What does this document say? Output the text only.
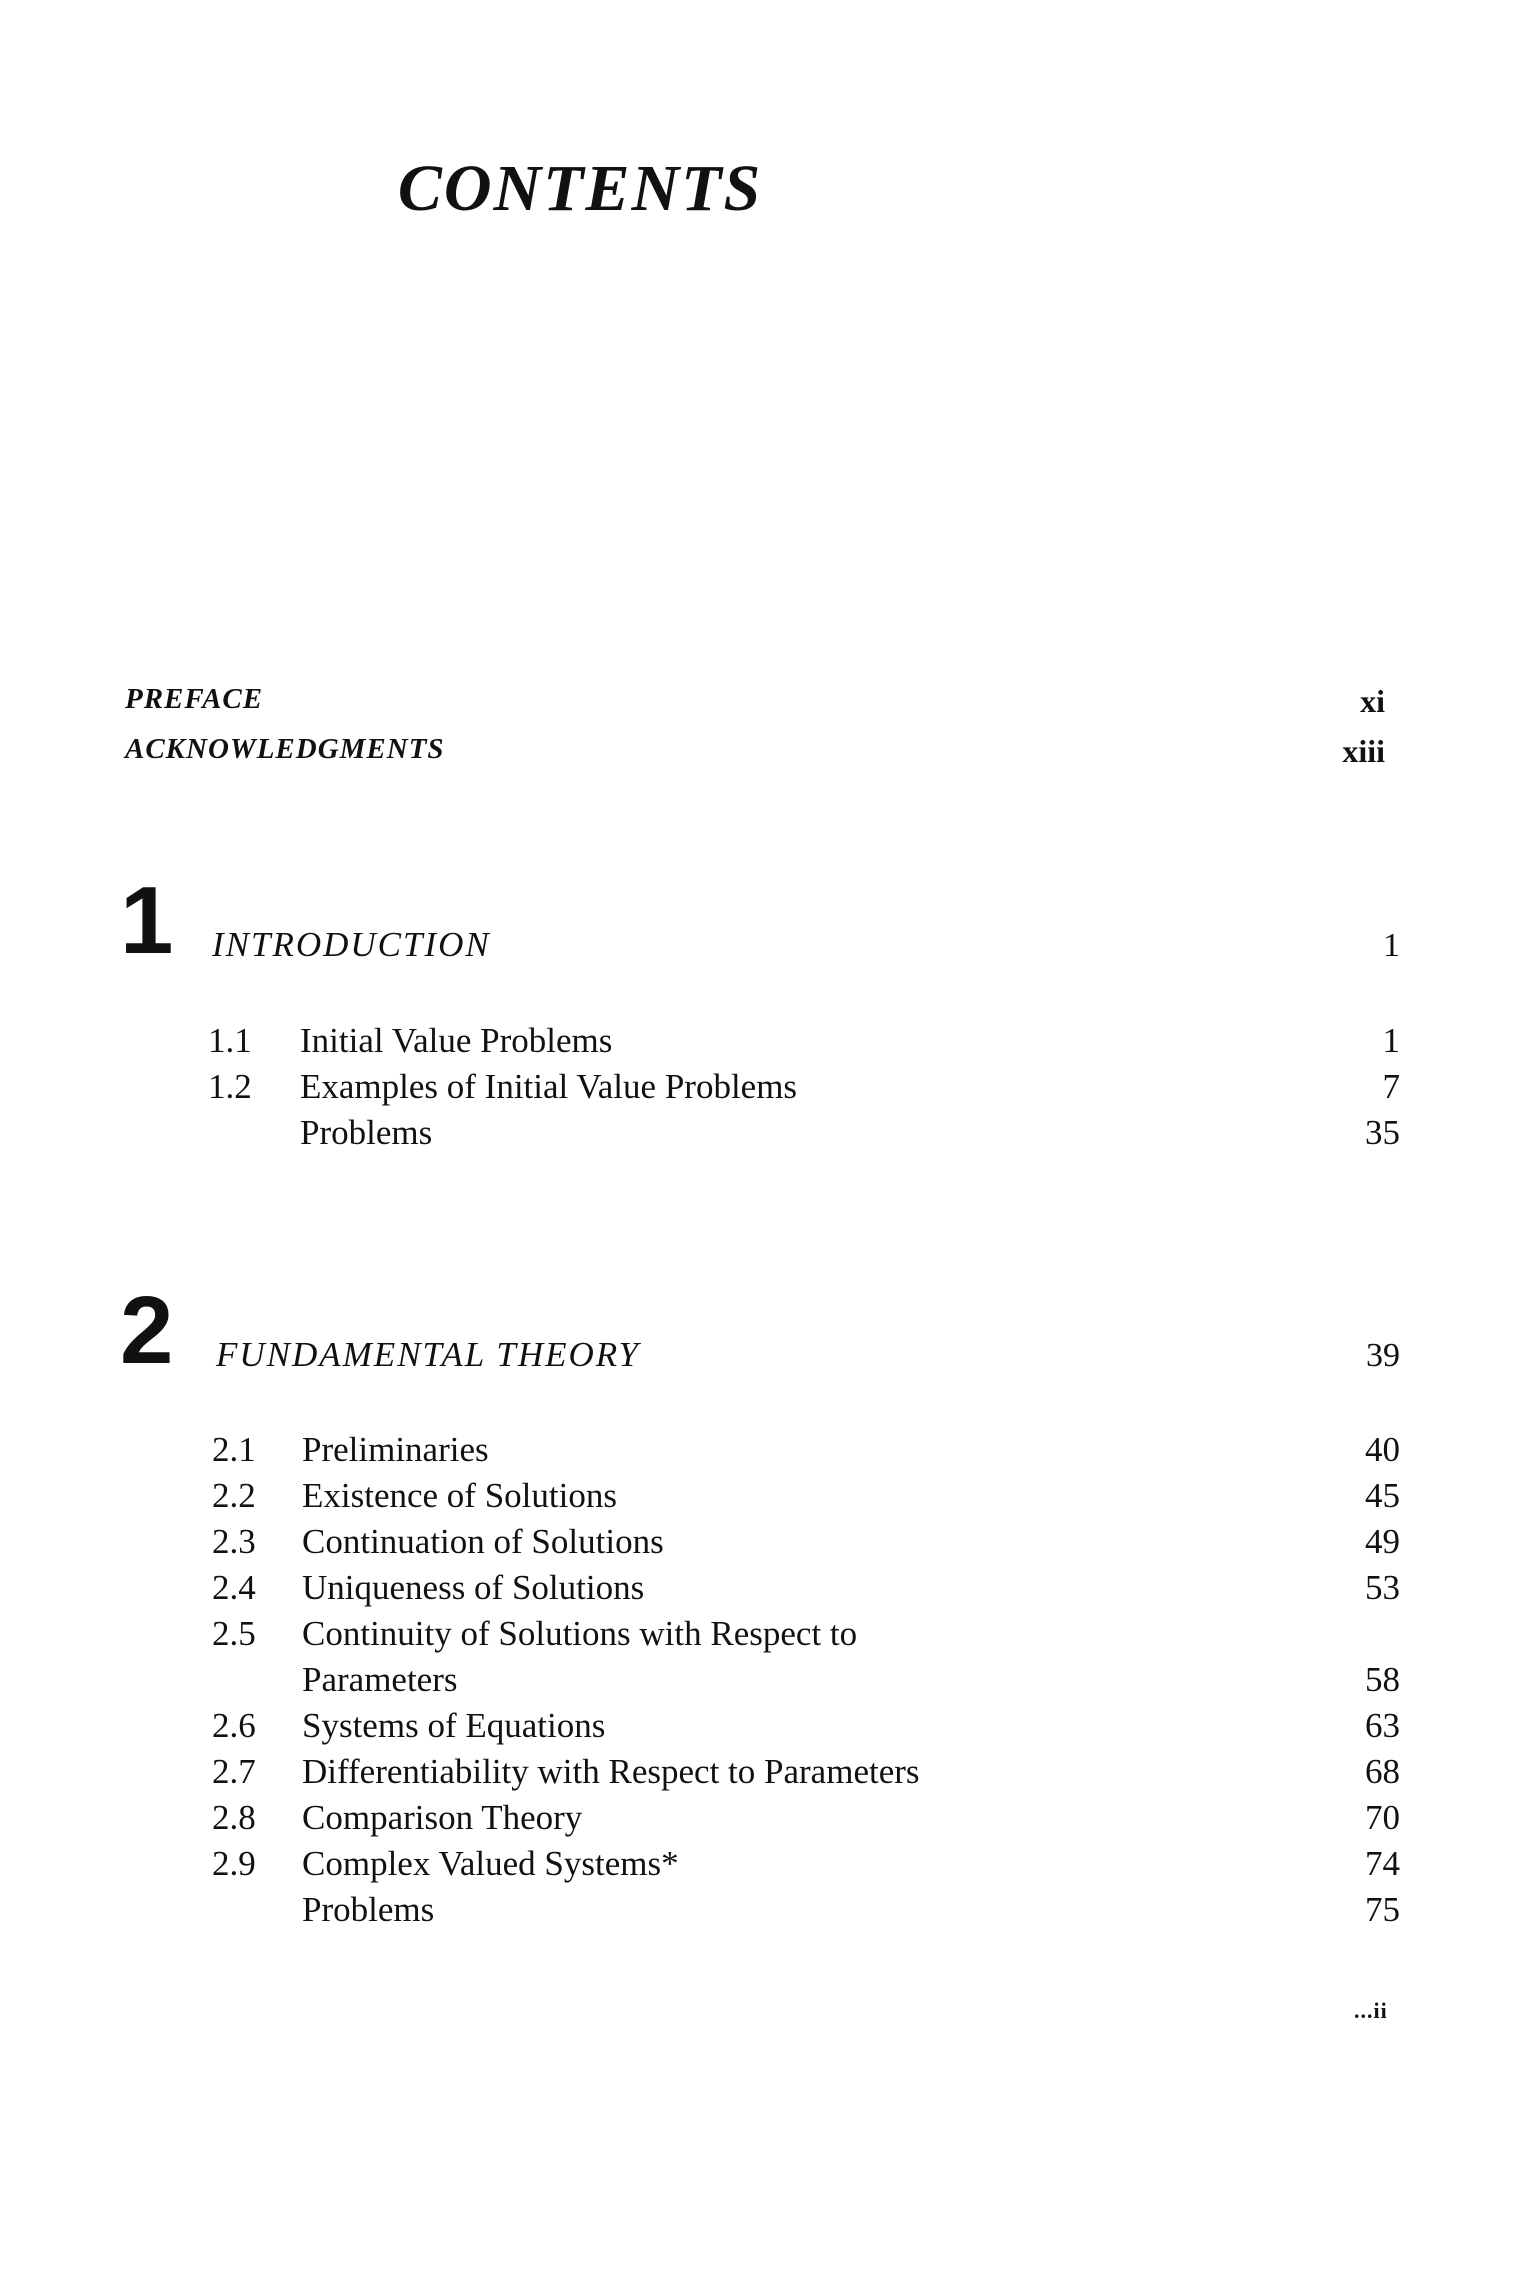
CONTENTS
PREFACE	xi
ACKNOWLEDGMENTS	xiii
1 INTRODUCTION	1
1.1 Initial Value Problems	1
1.2 Examples of Initial Value Problems	7
Problems	35
2 FUNDAMENTAL THEORY	39
2.1 Preliminaries	40
2.2 Existence of Solutions	45
2.3 Continuation of Solutions	49
2.4 Uniqueness of Solutions	53
2.5 Continuity of Solutions with Respect to
Parameters	58
2.6 Systems of Equations	63
2.7 Differentiability with Respect to Parameters	68
2.8 Comparison Theory	70
2.9 Complex Valued Systems*	74
Problems	75
...ii
